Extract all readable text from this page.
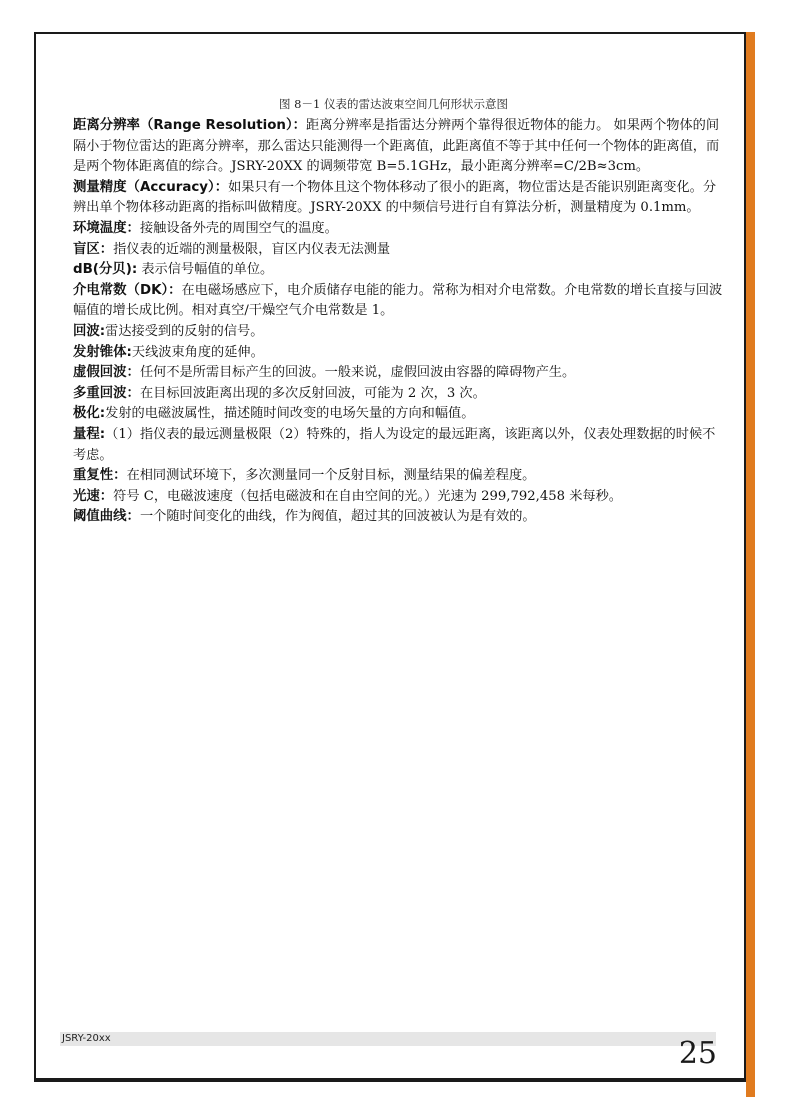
图 8－1 仪表的雷达波束空间几何形状示意图

距离分辨率（Range Resolution）：距离分辨率是指雷达分辨两个靠得很近物体的能力。 如果两个物体的间隔小于物位雷达的距离分辨率，那么雷达只能测得一个距离值，此距离值不等于其中任何一个物体的距离值，而是两个物体距离值的综合。JSRY-20XX 的调频带宽 B=5.1GHz，最小距离分辨率=C/2B≈3cm。

测量精度（Accuracy）：如果只有一个物体且这个物体移动了很小的距离，物位雷达是否能识别距离变化。分辨出单个物体移动距离的指标叫做精度。JSRY-20XX 的中频信号进行自有算法分析，测量精度为 0.1mm。

环境温度：接触设备外壳的周围空气的温度。

盲区：指仪表的近端的测量极限，盲区内仪表无法测量

dB(分贝): 表示信号幅值的单位。

介电常数（DK）：在电磁场感应下，电介质储存电能的能力。常称为相对介电常数。介电常数的增长直接与回波幅值的增长成比例。相对真空/干燥空气介电常数是 1。

回波:雷达接受到的反射的信号。

发射锥体:天线波束角度的延伸。

虚假回波：任何不是所需目标产生的回波。一般来说，虚假回波由容器的障碍物产生。

多重回波：在目标回波距离出现的多次反射回波，可能为 2 次，3 次。

极化:发射的电磁波属性，描述随时间改变的电场矢量的方向和幅值。

量程:（1）指仪表的最远测量极限（2）特殊的，指人为设定的最远距离，该距离以外，仪表处理数据的时候不考虑。

重复性：在相同测试环境下，多次测量同一个反射目标，测量结果的偏差程度。

光速：符号 C，电磁波速度（包括电磁波和在自由空间的光。）光速为 299,792,458 米每秒。

阈值曲线：一个随时间变化的曲线，作为阀值，超过其的回波被认为是有效的。

JSRY-20xx	25
